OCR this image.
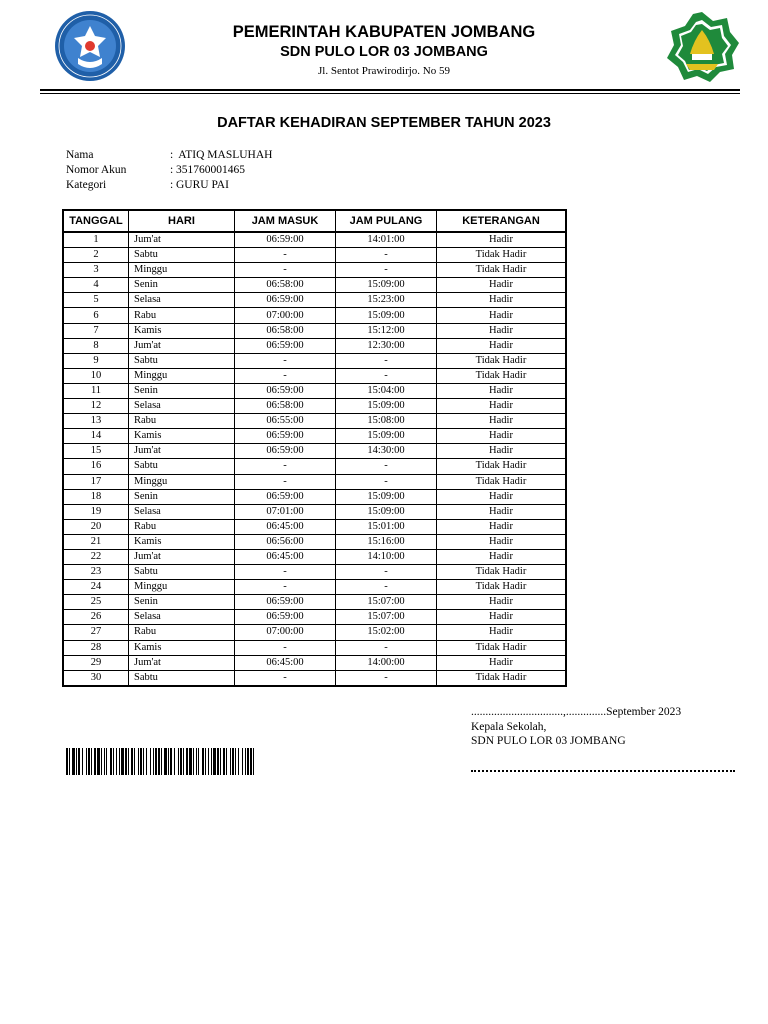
PEMERINTAH KABUPATEN JOMBANG
SDN PULO LOR 03 JOMBANG
Jl. Sentot Prawirodirjo. No 59
DAFTAR KEHADIRAN SEPTEMBER TAHUN 2023
Nama	: ATIQ MASLUHAH
Nomor Akun	: 351760001465
Kategori	: GURU PAI
TANGGAL	HARI	JAM MASUK	JAM PULANG	KETERANGAN
1	Jum'at	06:59:00	14:01:00	Hadir
2	Sabtu	-	-	Tidak Hadir
3	Minggu	-	-	Tidak Hadir
4	Senin	06:58:00	15:09:00	Hadir
5	Selasa	06:59:00	15:23:00	Hadir
6	Rabu	07:00:00	15:09:00	Hadir
7	Kamis	06:58:00	15:12:00	Hadir
8	Jum'at	06:59:00	12:30:00	Hadir
9	Sabtu	-	-	Tidak Hadir
10	Minggu	-	-	Tidak Hadir
11	Senin	06:59:00	15:04:00	Hadir
12	Selasa	06:58:00	15:09:00	Hadir
13	Rabu	06:55:00	15:08:00	Hadir
14	Kamis	06:59:00	15:09:00	Hadir
15	Jum'at	06:59:00	14:30:00	Hadir
16	Sabtu	-	-	Tidak Hadir
17	Minggu	-	-	Tidak Hadir
18	Senin	06:59:00	15:09:00	Hadir
19	Selasa	07:01:00	15:09:00	Hadir
20	Rabu	06:45:00	15:01:00	Hadir
21	Kamis	06:56:00	15:16:00	Hadir
22	Jum'at	06:45:00	14:10:00	Hadir
23	Sabtu	-	-	Tidak Hadir
24	Minggu	-	-	Tidak Hadir
25	Senin	06:59:00	15:07:00	Hadir
26	Selasa	06:59:00	15:07:00	Hadir
27	Rabu	07:00:00	15:02:00	Hadir
28	Kamis	-	-	Tidak Hadir
29	Jum'at	06:45:00	14:00:00	Hadir
30	Sabtu	-	-	Tidak Hadir
................................,..............September 2023
Kepala Sekolah,
SDN PULO LOR 03 JOMBANG
